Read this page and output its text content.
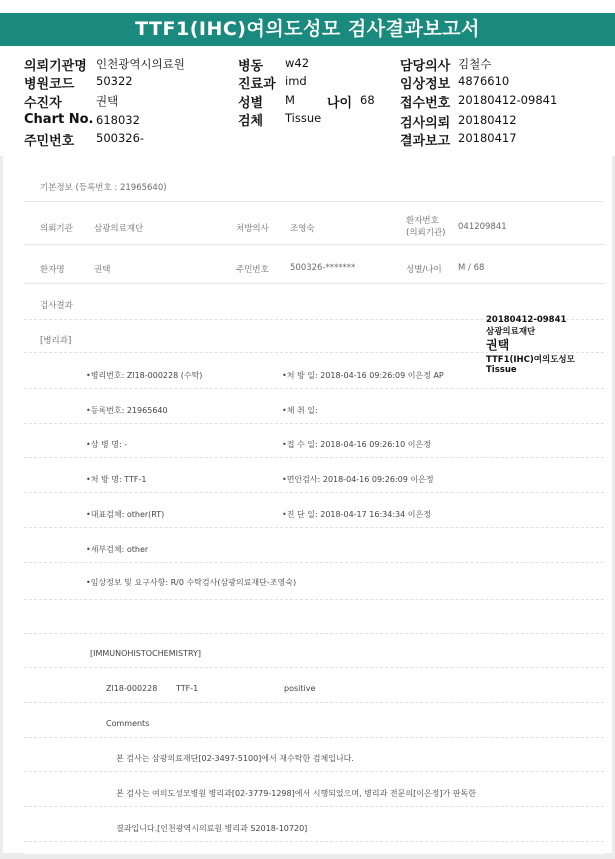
TTF1(IHC)여의도성모 검사결과보고서
의뢰기관명 인천광역시의료원
병원코드 50322
수진자	권택
Chart No. 618032
주민번호 500326-
병동 w42
진료과 imd
성별 M 나이 68
검체 Tissue
담당의사 김철수
임상정보 4876610
접수번호 20180412-09841
검사의뢰 20180412
결과보고 20180417
기본정보 (등록번호 : 21965640)
의뢰기관 삼광의료재단	처방의사 조영숙
환자번호
(의뢰기관)
041209841
환자명	권택	주민번호 500326-*******	성별/나이 M / 68
검사결과
[병리과]
•병리번호: Zl18-000228 (수탁)	•처 방 일: 2018-04-16 09:26:09 이은정 AP
•등록번호: 21965640	•채 취 일:
•상 병 명: -	•접 수 일: 2018-04-16 09:26:10 이은정
•처 방 명: TTF-1	•면안검사: 2018-04-16 09:26:09 이은정
•대표검체: other(RT)	•진 단 일: 2018-04-17 16:34:34 이은정
•세부검체: other
•임상정보 및 요구사항: R/0 수탁검사(삼광의료재단-조영숙)
[IMMUNOHISTOCHEMISTRY]
Zl18-000228 TTF-1	positive
Comments
본 검사는 삼광의료재단[02-3497-5100]에서 재수탁한 검체입니다.
본 검사는 여의도성모병원 병리과[02-3779-1298]에서 시행되었으며, 병리과 전문의[이은정]가 판독한
결과입니다.[인천광역시의료원 병리과 S2018-10720]
20180412-09841
삼광의료재단
권택
TTF1(IHC)여의도성모
Tissue
